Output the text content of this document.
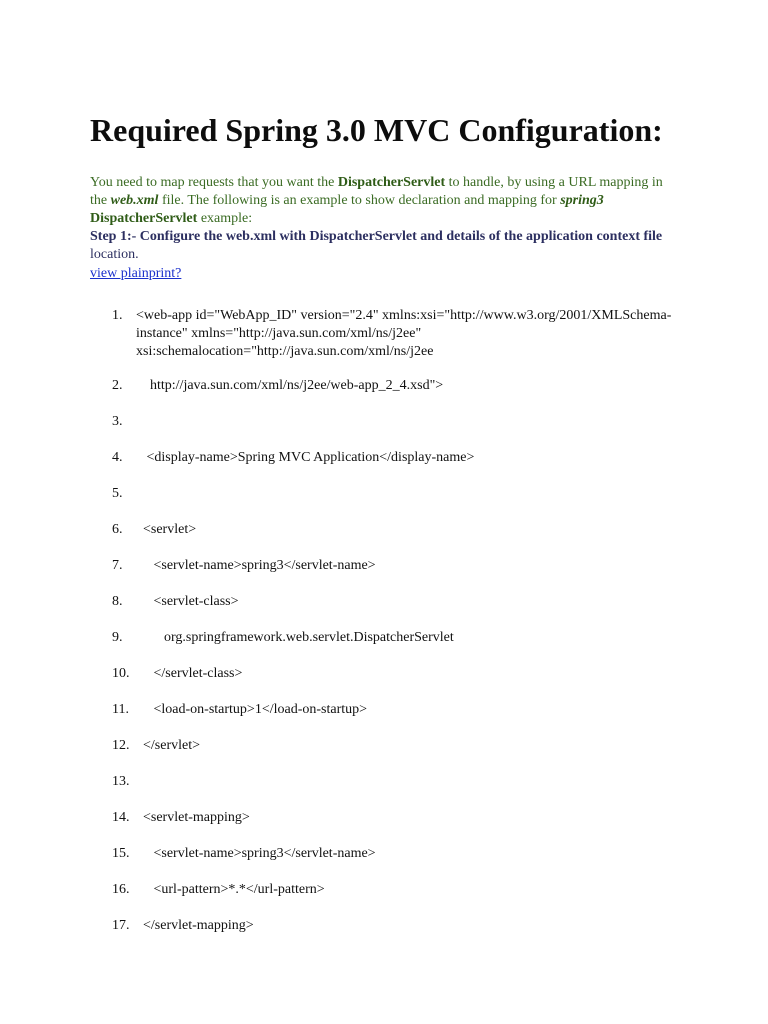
Required Spring 3.0 MVC Configuration:

You need to map requests that you want the DispatcherServlet to handle, by using a URL mapping in the web.xml file. The following is an example to show declaration and mapping for spring3 DispatcherServlet example:

Step 1:- Configure the web.xml with DispatcherServlet and details of the application context file location.

view plainprint?
1. <web-app id="WebApp_ID" version="2.4" xmlns:xsi="http://www.w3.org/2001/XMLSchema-instance" xmlns="http://java.sun.com/xml/ns/j2ee" xsi:schemalocation="http://java.sun.com/xml/ns/j2ee
2. http://java.sun.com/xml/ns/j2ee/web-app_2_4.xsd">
3.
4. <display-name>Spring MVC Application</display-name>
5.
6. <servlet>
7. <servlet-name>spring3</servlet-name>
8. <servlet-class>
9. org.springframework.web.servlet.DispatcherServlet
10. </servlet-class>
11. <load-on-startup>1</load-on-startup>
12. </servlet>
13.
14. <servlet-mapping>
15. <servlet-name>spring3</servlet-name>
16. <url-pattern>*.*</url-pattern>
17. </servlet-mapping>
